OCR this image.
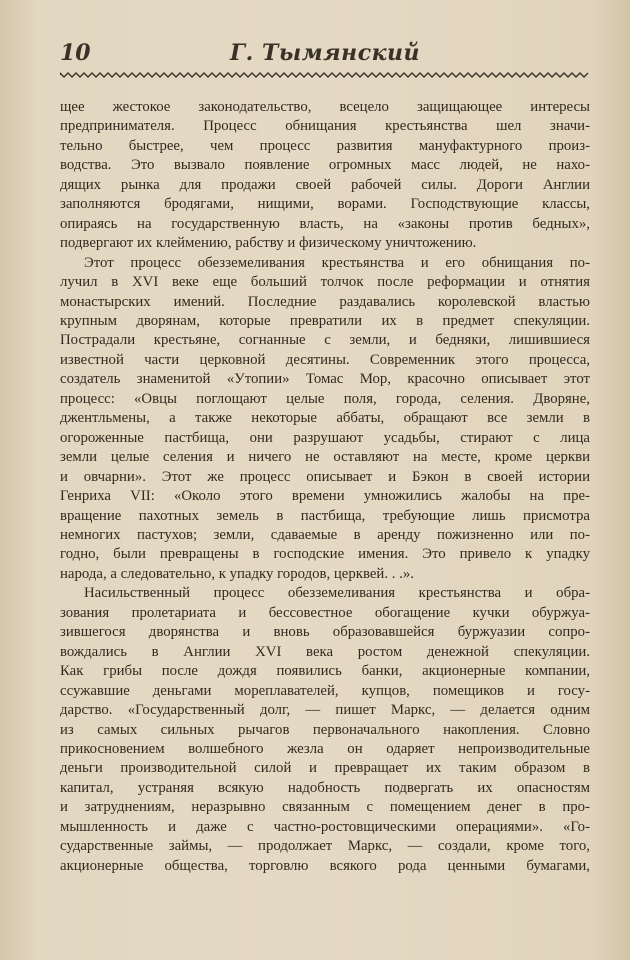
10	Г. Тымянский

щее жестокое законодательство, всецело защищающее интересы
предпринимателя. Процесс обнищания крестьянства шел значи-
тельно быстрее, чем процесс развития мануфактурного произ-
водства. Это вызвало появление огромных масс людей, не нахо-
дящих рынка для продажи своей рабочей силы. Дороги Англии
заполняются бродягами, нищими, ворами. Господствующие классы,
опираясь на государственную власть, на «законы против бедных»,
подвергают их клеймению, рабству и физическому уничтожению.

Этот процесс обезземеливания крестьянства и его обнищания по-
лучил в XVI веке еще больший толчок после реформации и отнятия
монастырских имений. Последние раздавались королевской властью
крупным дворянам, которые превратили их в предмет спекуляции.
Пострадали крестьяне, согнанные с земли, и бедняки, лишившиеся
известной части церковной десятины. Современник этого процесса,
создатель знаменитой «Утопии» Томас Мор, красочно описывает этот
процесс: «Овцы поглощают целые поля, города, селения. Дворяне,
джентльмены, а также некоторые аббаты, обращают все земли в
огороженные пастбища, они разрушают усадьбы, стирают с лица
земли целые селения и ничего не оставляют на месте, кроме церкви
и овчарни». Этот же процесс описывает и Бэкон в своей истории
Генриха VII: «Около этого времени умножились жалобы на пре-
вращение пахотных земель в пастбища, требующие лишь присмотра
немногих пастухов; земли, сдаваемые в аренду пожизненно или по-
годно, были превращены в господские имения. Это привело к упадку
народа, а следовательно, к упадку городов, церквей. . .».

Насильственный процесс обезземеливания крестьянства и обра-
зования пролетариата и бессовестное обогащение кучки обуржуа-
зившегося дворянства и вновь образовавшейся буржуазии сопро-
вождались в Англии XVI века ростом денежной спекуляции.
Как грибы после дождя появились банки, акционерные компании,
ссужавшие деньгами мореплавателей, купцов, помещиков и госу-
дарство. «Государственный долг, — пишет Маркс, — делается одним
из самых сильных рычагов первоначального накопления. Словно
прикосновением волшебного жезла он одаряет непроизводительные
деньги производительной силой и превращает их таким образом в
капитал, устраняя всякую надобность подвергать их опасностям
и затруднениям, неразрывно связанным с помещением денег в про-
мышленность и даже с частно-ростовщическими операциями». «Го-
сударственные займы, — продолжает Маркс, — создали, кроме того,
акционерные общества, торговлю всякого рода ценными бумагами,
